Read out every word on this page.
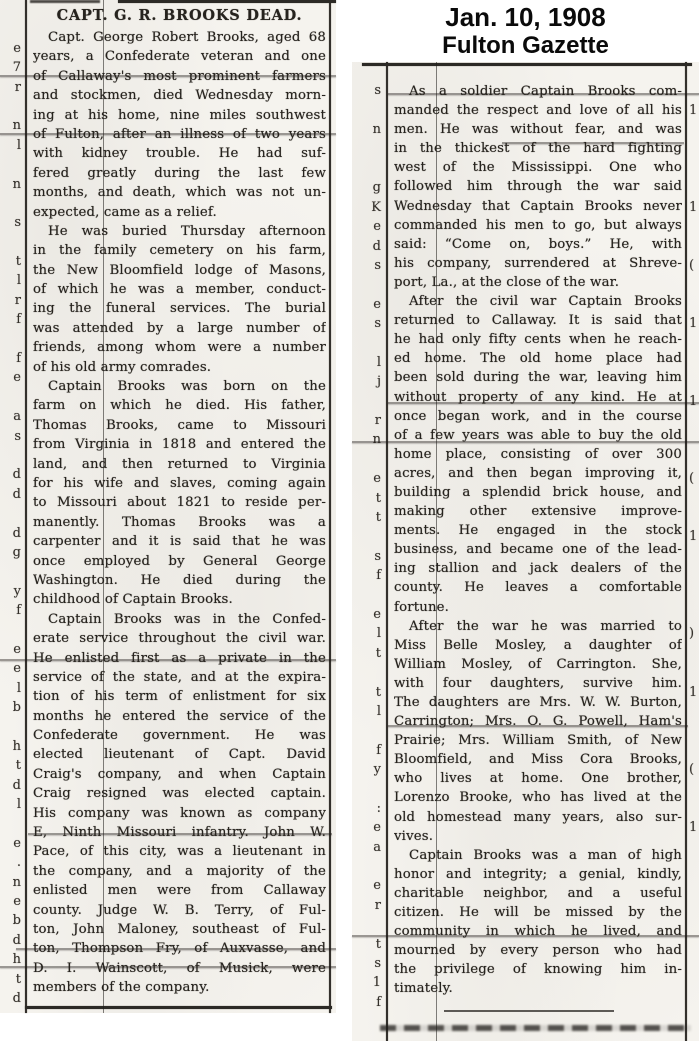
e
7
r
n
l
n
s
t
l
r
f
f
e
a
s
d
d
d
g
y
f
e
e
l
b
h
t
d
l
e
.
n
e
b
d
h
t
d
CAPT. G. R. BROOKS DEAD.
Capt. George Robert Brooks, aged 68
years, a Confederate veteran and one
of Callaway's most prominent farmers
and stockmen, died Wednesday morn-
ing at his home, nine miles southwest
of Fulton, after an illness of two years
with kidney trouble. He had suf-
fered greatly during the last few
months, and death, which was not un-
expected, came as a relief.
He was buried Thursday afternoon
in the family cemetery on his farm,
the New Bloomfield lodge of Masons,
of which he was a member, conduct-
ing the funeral services. The burial
was attended by a large number of
friends, among whom were a number
of his old army comrades.
Captain Brooks was born on the
farm on which he died. His father,
Thomas Brooks, came to Missouri
from Virginia in 1818 and entered the
land, and then returned to Virginia
for his wife and slaves, coming again
to Missouri about 1821 to reside per-
manently. Thomas Brooks was a
carpenter and it is said that he was
once employed by General George
Washington. He died during the
childhood of Captain Brooks.
Captain Brooks was in the Confed-
erate service throughout the civil war.
He enlisted first as a private in the
service of the state, and at the expira-
tion of his term of enlistment for six
months he entered the service of the
Confederate government. He was
elected lieutenant of Capt. David
Craig's company, and when Captain
Craig resigned was elected captain.
His company was known as company
E, Ninth Missouri infantry. John W.
Pace, of this city, was a lieutenant in
the company, and a majority of the
enlisted men were from Callaway
county. Judge W. B. Terry, of Ful-
ton, John Maloney, southeast of Ful-
ton, Thompson Fry, of Auxvasse, and
D. I. Wainscott, of Musick, were
members of the company.
Jan. 10, 1908
Fulton Gazette
s
n
g
K
e
d
s
e
s
l
j
r
n
e
t
t
s
f
e
l
t
t
l
f
y
:
e
a
e
r
t
s
1
f
1
1
(
1
1
(
1
)
1
(
1
As a soldier Captain Brooks com-
manded the respect and love of all his
men. He was without fear, and was
in the thickest of the hard fighting
west of the Mississippi. One who
followed him through the war said
Wednesday that Captain Brooks never
commanded his men to go, but always
said: “Come on, boys.” He, with
his company, surrendered at Shreve-
port, La., at the close of the war.
After the civil war Captain Brooks
returned to Callaway. It is said that
he had only fifty cents when he reach-
ed home. The old home place had
been sold during the war, leaving him
without property of any kind. He at
once began work, and in the course
of a few years was able to buy the old
home place, consisting of over 300
acres, and then began improving it,
building a splendid brick house, and
making other extensive improve-
ments. He engaged in the stock
business, and became one of the lead-
ing stallion and jack dealers of the
county. He leaves a comfortable
fortune.
After the war he was married to
Miss Belle Mosley, a daughter of
William Mosley, of Carrington. She,
with four daughters, survive him.
The daughters are Mrs. W. W. Burton,
Carrington; Mrs. O. G. Powell, Ham's
Prairie; Mrs. William Smith, of New
Bloomfield, and Miss Cora Brooks,
who lives at home. One brother,
Lorenzo Brooke, who has lived at the
old homestead many years, also sur-
vives.
Captain Brooks was a man of high
honor and integrity; a genial, kindly,
charitable neighbor, and a useful
citizen. He will be missed by the
community in which he lived, and
mourned by every person who had
the privilege of knowing him in-
timately.
